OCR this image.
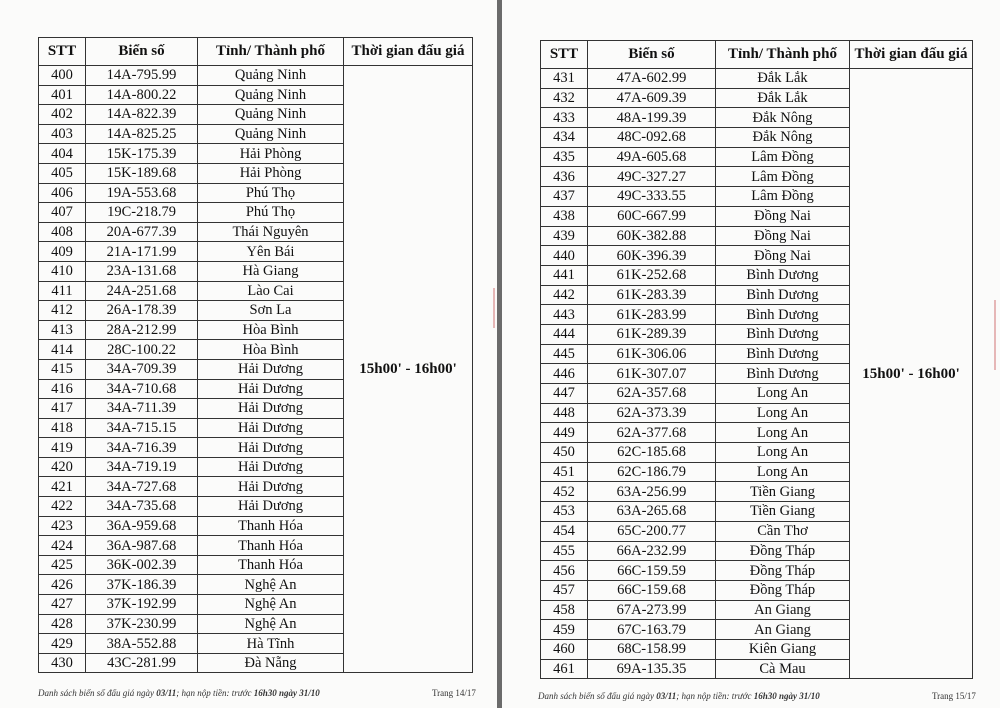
STT	Biển số	Tỉnh/ Thành phố	Thời gian đấu giá
400	14A-795.99	Quảng Ninh	15h00' - 16h00'
401	14A-800.22	Quảng Ninh	
402	14A-822.39	Quảng Ninh	
403	14A-825.25	Quảng Ninh	
404	15K-175.39	Hải Phòng	
405	15K-189.68	Hải Phòng	
406	19A-553.68	Phú Thọ	
407	19C-218.79	Phú Thọ	
408	20A-677.39	Thái Nguyên	
409	21A-171.99	Yên Bái	
410	23A-131.68	Hà Giang	
411	24A-251.68	Lào Cai	
412	26A-178.39	Sơn La	
413	28A-212.99	Hòa Bình	
414	28C-100.22	Hòa Bình	
415	34A-709.39	Hải Dương	
416	34A-710.68	Hải Dương	
417	34A-711.39	Hải Dương	
418	34A-715.15	Hải Dương	
419	34A-716.39	Hải Dương	
420	34A-719.19	Hải Dương	
421	34A-727.68	Hải Dương	
422	34A-735.68	Hải Dương	
423	36A-959.68	Thanh Hóa	
424	36A-987.68	Thanh Hóa	
425	36K-002.39	Thanh Hóa	
426	37K-186.39	Nghệ An	
427	37K-192.99	Nghệ An	
428	37K-230.99	Nghệ An	
429	38A-552.88	Hà Tĩnh	
430	43C-281.99	Đà Nẵng	
Danh sách biển số đấu giá ngày 03/11; hạn nộp tiền: trước 16h30 ngày 31/10	Trang 14/17
STT	Biển số	Tỉnh/ Thành phố	Thời gian đấu giá
431	47A-602.99	Đắk Lắk	15h00' - 16h00'
432	47A-609.39	Đắk Lắk	
433	48A-199.39	Đắk Nông	
434	48C-092.68	Đắk Nông	
435	49A-605.68	Lâm Đồng	
436	49C-327.27	Lâm Đồng	
437	49C-333.55	Lâm Đồng	
438	60C-667.99	Đồng Nai	
439	60K-382.88	Đồng Nai	
440	60K-396.39	Đồng Nai	
441	61K-252.68	Bình Dương	
442	61K-283.39	Bình Dương	
443	61K-283.99	Bình Dương	
444	61K-289.39	Bình Dương	
445	61K-306.06	Bình Dương	
446	61K-307.07	Bình Dương	
447	62A-357.68	Long An	
448	62A-373.39	Long An	
449	62A-377.68	Long An	
450	62C-185.68	Long An	
451	62C-186.79	Long An	
452	63A-256.99	Tiền Giang	
453	63A-265.68	Tiền Giang	
454	65C-200.77	Cần Thơ	
455	66A-232.99	Đồng Tháp	
456	66C-159.59	Đồng Tháp	
457	66C-159.68	Đồng Tháp	
458	67A-273.99	An Giang	
459	67C-163.79	An Giang	
460	68C-158.99	Kiên Giang	
461	69A-135.35	Cà Mau	
Danh sách biển số đấu giá ngày 03/11; hạn nộp tiền: trước 16h30 ngày 31/10	Trang 15/17
